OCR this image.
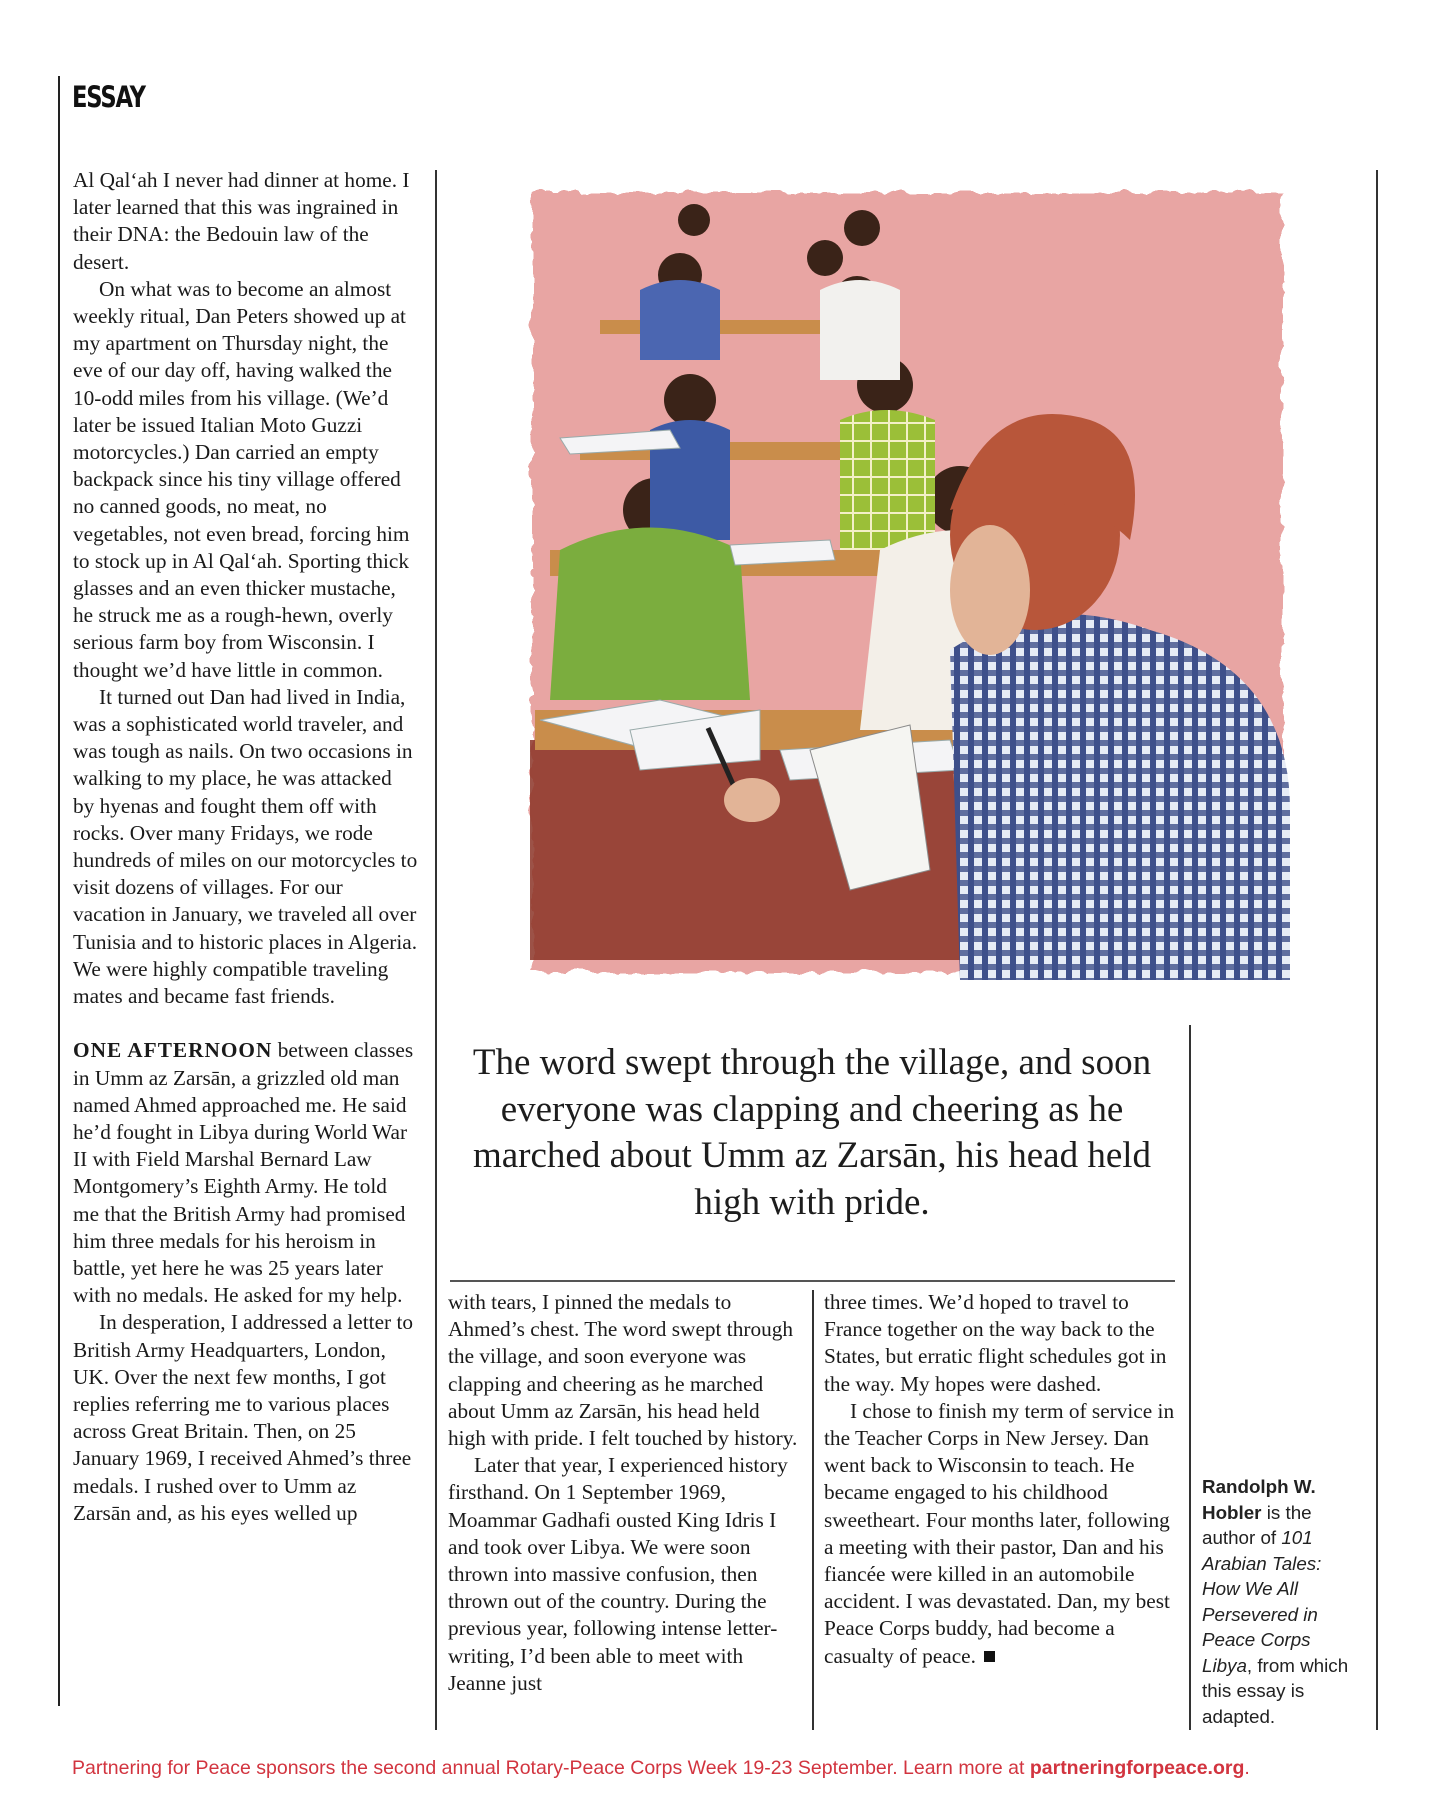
ESSAY

Al Qal‘ah I never had dinner at home. I later learned that this was ingrained in their DNA: the Bedouin law of the desert.

On what was to become an almost weekly ritual, Dan Peters showed up at my apartment on Thursday night, the eve of our day off, having walked the 10-odd miles from his village. (We’d later be issued Italian Moto Guzzi motorcycles.) Dan carried an empty backpack since his tiny village offered no canned goods, no meat, no vegetables, not even bread, forcing him to stock up in Al Qal‘ah. Sporting thick glasses and an even thicker mustache, he struck me as a rough-hewn, overly serious farm boy from Wisconsin. I thought we’d have little in common.

It turned out Dan had lived in India, was a sophisticated world traveler, and was tough as nails. On two occasions in walking to my place, he was attacked by hyenas and fought them off with rocks. Over many Fridays, we rode hundreds of miles on our motorcycles to visit dozens of villages. For our vacation in January, we traveled all over Tunisia and to historic places in Algeria. We were highly compatible traveling mates and became fast friends.

ONE AFTERNOON between classes in Umm az Zarsān, a grizzled old man named Ahmed approached me. He said he’d fought in Libya during World War II with Field Marshal Bernard Law Montgomery’s Eighth Army. He told me that the British Army had promised him three medals for his heroism in battle, yet here he was 25 years later with no medals. He asked for my help.

In desperation, I addressed a letter to British Army Headquarters, London, UK. Over the next few months, I got replies referring me to various places across Great Britain. Then, on 25 January 1969, I received Ahmed’s three medals. I rushed over to Umm az Zarsān and, as his eyes welled up

The word swept through the village, and soon everyone was clapping and cheering as he marched about Umm az Zarsān, his head held high with pride.

with tears, I pinned the medals to Ahmed’s chest. The word swept through the village, and soon everyone was clapping and cheering as he marched about Umm az Zarsān, his head held high with pride. I felt touched by history.

Later that year, I experienced history firsthand. On 1 September 1969, Moammar Gadhafi ousted King Idris I and took over Libya. We were soon thrown into massive confusion, then thrown out of the country. During the previous year, following intense letter-writing, I’d been able to meet with Jeanne just

three times. We’d hoped to travel to France together on the way back to the States, but erratic flight schedules got in the way. My hopes were dashed.

I chose to finish my term of service in the Teacher Corps in New Jersey. Dan went back to Wisconsin to teach. He became engaged to his childhood sweetheart. Four months later, following a meeting with their pastor, Dan and his fiancée were killed in an automobile accident. I was devastated. Dan, my best Peace Corps buddy, had become a casualty of peace.

Randolph W. Hobler is the author of 101 Arabian Tales: How We All Persevered in Peace Corps Libya, from which this essay is adapted.
Partnering for Peace sponsors the second annual Rotary-Peace Corps Week 19-23 September. Learn more at partneringforpeace.org.
